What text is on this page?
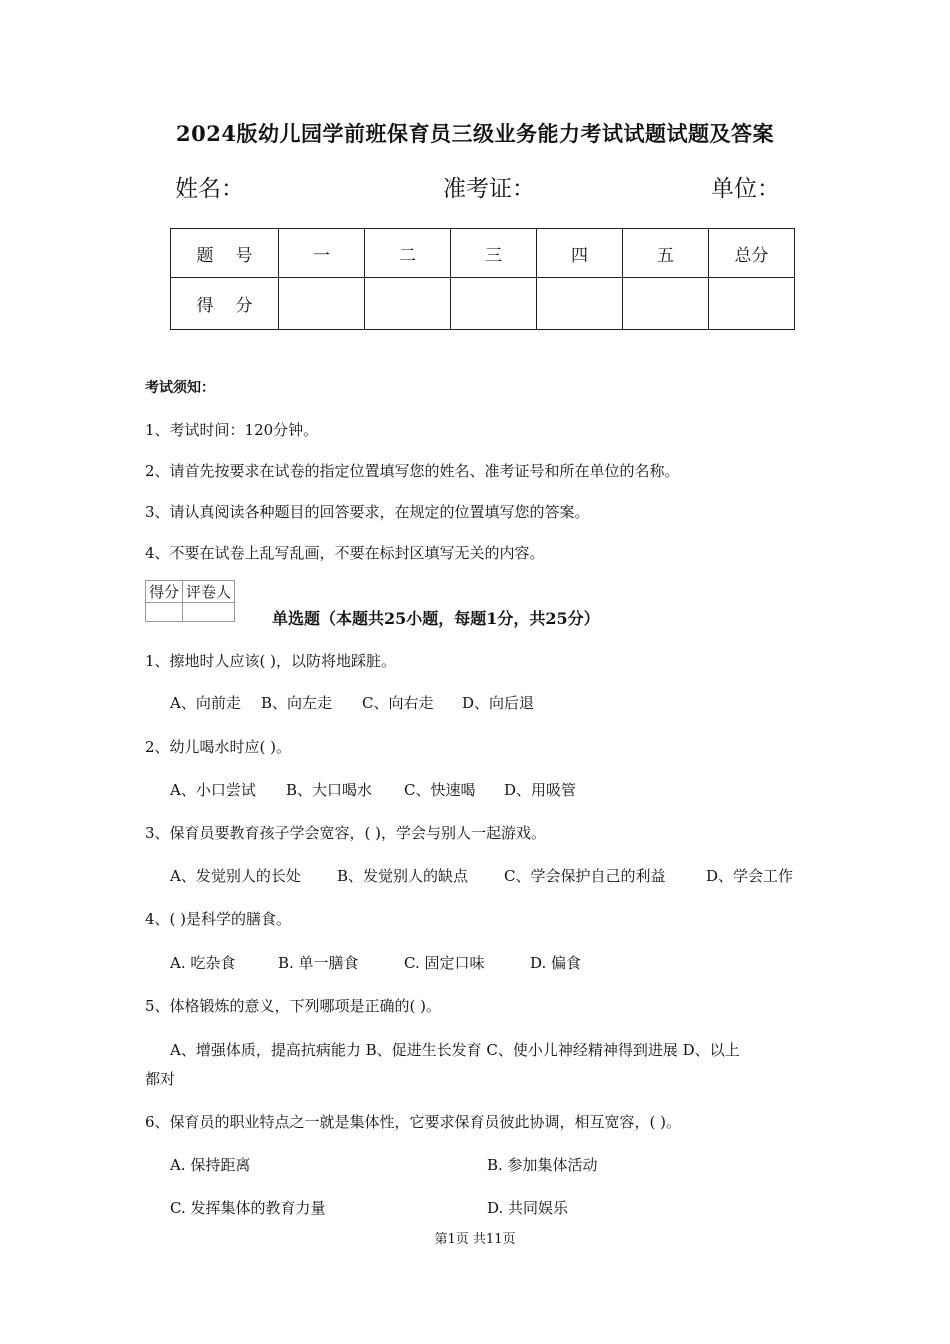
2024版幼儿园学前班保育员三级业务能力考试试题试题及答案
姓名：	准考证：	单位：
题号	一	二	三	四	五	总分
得分						
考试须知：
1、考试时间：120分钟。
2、请首先按要求在试卷的指定位置填写您的姓名、准考证号和所在单位的名称。
3、请认真阅读各种题目的回答要求，在规定的位置填写您的答案。
4、不要在试卷上乱写乱画，不要在标封区填写无关的内容。
得分	评卷人

单选题（本题共25小题，每题1分，共25分）
1、擦地时人应该( )，以防将地踩脏。
A、向前走 B、向左走 C、向右走 D、向后退
2、幼儿喝水时应( )。
A、小口尝试 B、大口喝水 C、快速喝 D、用吸管
3、保育员要教育孩子学会宽容，( )，学会与别人一起游戏。
A、发觉别人的长处 B、发觉别人的缺点 C、学会保护自己的利益	D、学会工作
4、( )是科学的膳食。
A. 吃杂食	B. 单一膳食	C. 固定口味	D. 偏食
5、体格锻炼的意义，下列哪项是正确的( )。
A、增强体质，提高抗病能力 B、促进生长发育 C、使小儿神经精神得到进展 D、以上
都对
6、保育员的职业特点之一就是集体性，它要求保育员彼此协调，相互宽容，( )。
A. 保持距离	B. 参加集体活动
C. 发挥集体的教育力量	D. 共同娱乐
第1页 共11页
